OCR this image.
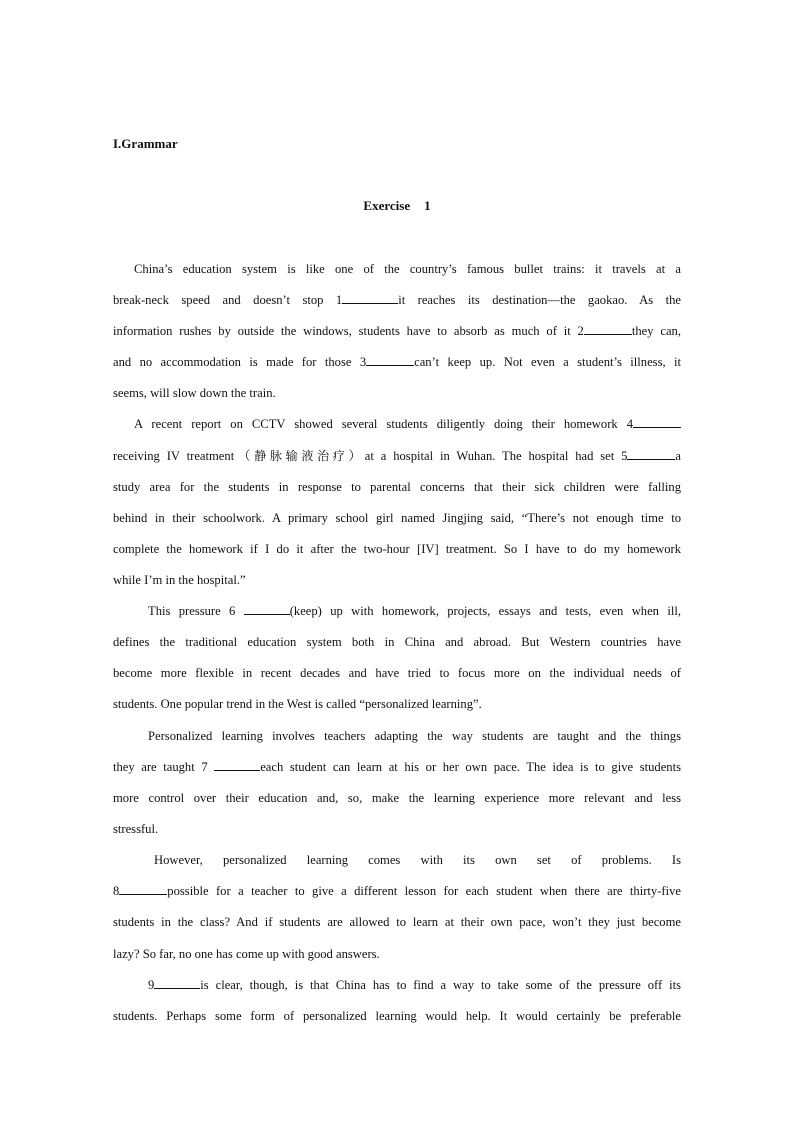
I.Grammar
Exercise 1
China’s education system is like one of the country’s famous bullet trains: it travels at a
break-neck speed and doesn’t stop 1	it reaches its destination—the gaokao. As the
information rushes by outside the windows, students have to absorb as much of it 2	they can,
and no accommodation is made for those 3	can’t keep up. Not even a student’s illness, it
seems, will slow down the train.
A recent report on CCTV showed several students diligently doing their homework 4
receiving IV treatment（静脉输液治疗）at a hospital in Wuhan. The hospital had set 5	a
study area for the students in response to parental concerns that their sick children were falling
behind in their schoolwork. A primary school girl named Jingjing said, “There’s not enough time to
complete the homework if I do it after the two-hour [IV] treatment. So I have to do my homework
while I’m in the hospital.”
This pressure 6	(keep) up with homework, projects, essays and tests, even when ill,
defines the traditional education system both in China and abroad. But Western countries have
become more flexible in recent decades and have tried to focus more on the individual needs of
students. One popular trend in the West is called “personalized learning”.
Personalized learning involves teachers adapting the way students are taught and the things
they are taught 7	each student can learn at his or her own pace. The idea is to give students
more control over their education and, so, make the learning experience more relevant and less
stressful.
However, personalized learning comes with its own set of problems. Is
8	possible for a teacher to give a different lesson for each student when there are thirty-five
students in the class? And if students are allowed to learn at their own pace, won’t they just become
lazy? So far, no one has come up with good answers.
9	is clear, though, is that China has to find a way to take some of the pressure off its
students. Perhaps some form of personalized learning would help. It would certainly be preferable
